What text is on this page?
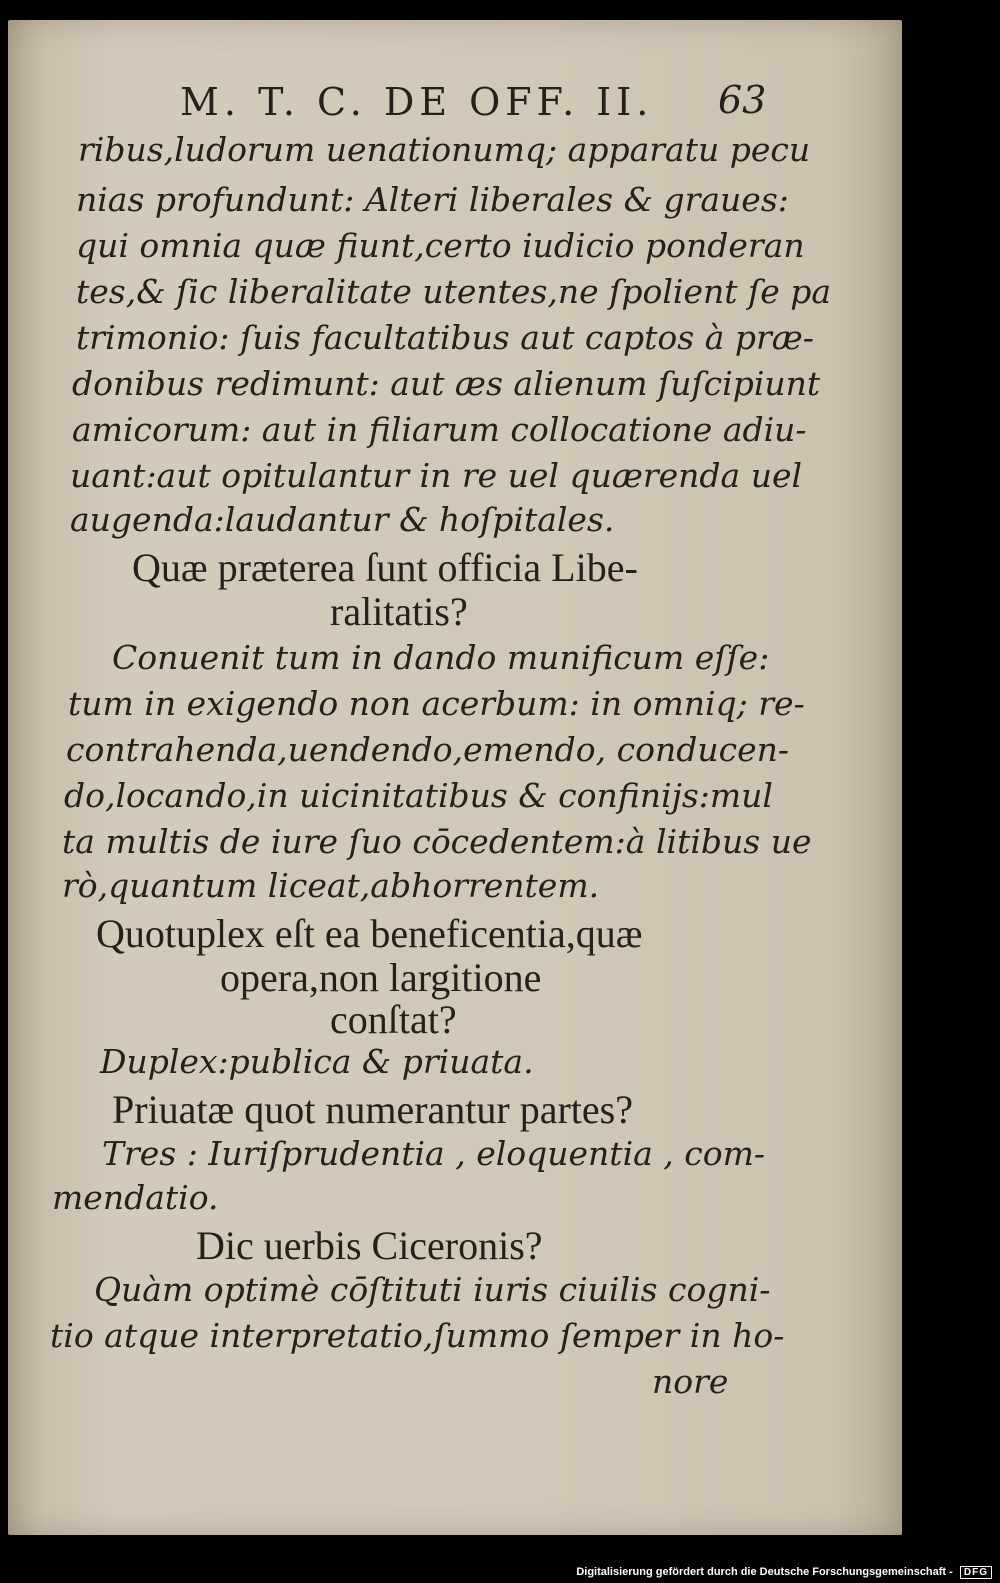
M. T. C. DE OFF. II. 63
ribus,ludorum uenationumq; apparatu pecu
nias profundunt: Alteri liberales & graues:
qui omnia quæ fiunt,certo iudicio ponderan
tes,& ſic liberalitate utentes,ne ſpolient ſe pa
trimonio: ſuis facultatibus aut captos à præ-
donibus redimunt: aut æs alienum ſuſcipiunt
amicorum: aut in filiarum collocatione adiu-
uant:aut opitulantur in re uel quærenda uel
augenda:laudantur & hoſpitales.
Quæ præterea ſunt officia Libe-
ralitatis?
Conuenit tum in dando munificum eſſe:
tum in exigendo non acerbum: in omniq; re-
contrahenda,uendendo,emendo, conducen-
do,locando,in uicinitatibus & confinijs:mul
ta multis de iure ſuo cōcedentem:à litibus ue
rò,quantum liceat,abhorrentem.
Quotuplex eſt ea beneficentia,quæ
opera,non largitione
conſtat?
Duplex:publica & priuata.
Priuatæ quot numerantur partes?
Tres : Iuriſprudentia , eloquentia , com-
mendatio.
Dic uerbis Ciceronis?
Quàm optimè cōſtituti iuris ciuilis cogni-
tio atque interpretatio,ſummo ſemper in ho-
nore
Digitalisierung gefördert durch die Deutsche Forschungsgemeinschaft - DFG
